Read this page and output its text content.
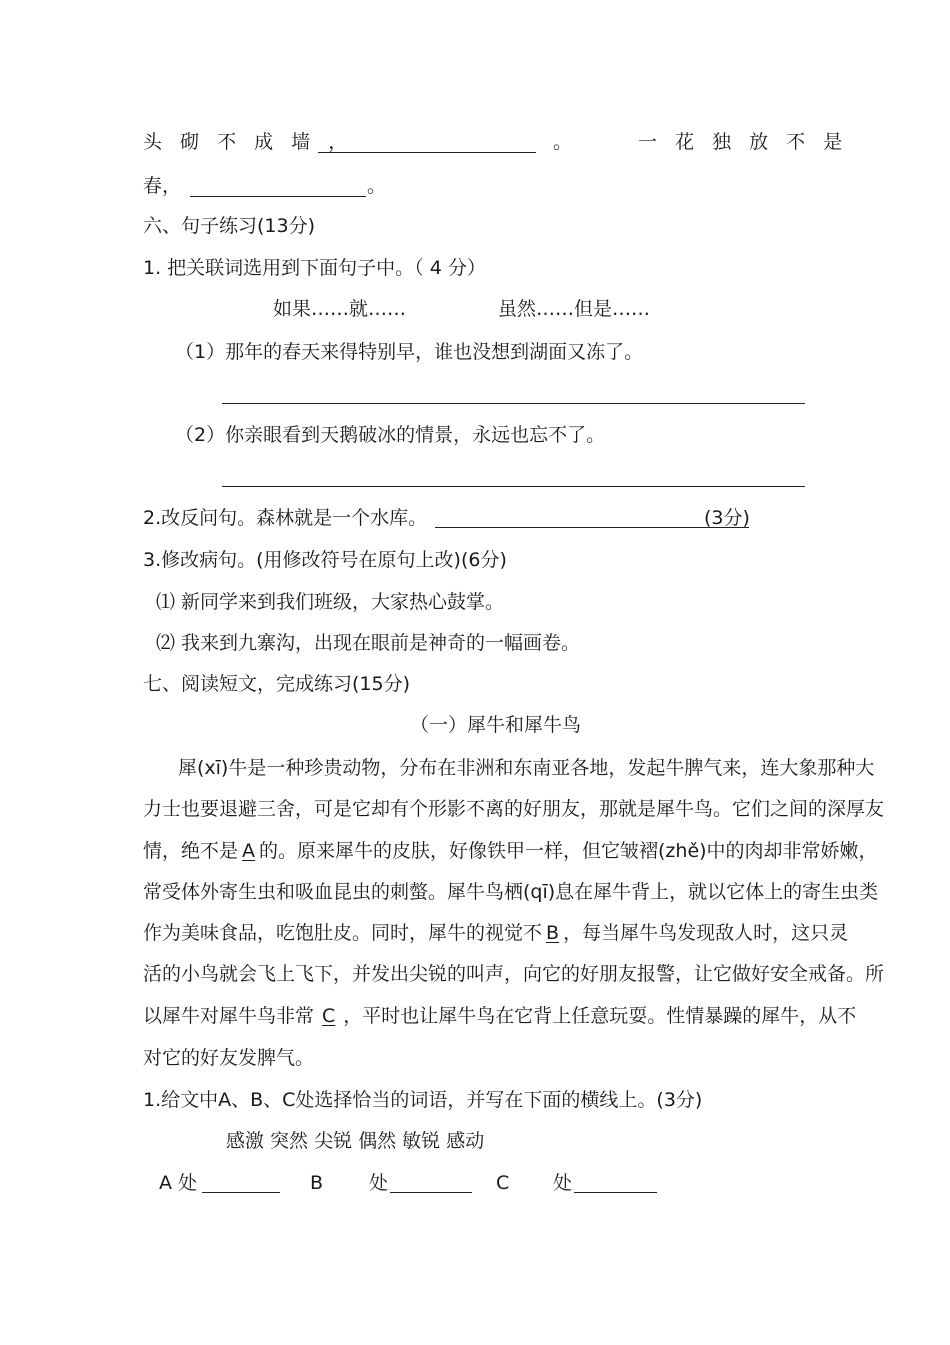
头 砌 不 成 墙 ，	。	一 花 独 放 不 是
春，	。
六、句子练习(13分)
1. 把关联词选用到下面句子中。（ 4 分）
如果……就……	虽然……但是……
（1）那年的春天来得特别早，谁也没想到湖面又冻了。
（2）你亲眼看到天鹅破冰的情景，永远也忘不了。
2.改反问句。森林就是一个水库。	(3分)
3.修改病句。(用修改符号在原句上改)(6分)
⑴ 新同学来到我们班级，大家热心鼓掌。
⑵ 我来到九寨沟，出现在眼前是神奇的一幅画卷。
七、阅读短文，完成练习(15分)
（一）犀牛和犀牛鸟
犀(xī)牛是一种珍贵动物，分布在非洲和东南亚各地，发起牛脾气来，连大象那种大
力士也要退避三舍，可是它却有个形影不离的好朋友，那就是犀牛鸟。它们之间的深厚友
情，绝不是 A 的。原来犀牛的皮肤，好像铁甲一样，但它皱褶(zhě)中的肉却非常娇嫩，
常受体外寄生虫和吸血昆虫的刺螫。犀牛鸟栖(qī)息在犀牛背上，就以它体上的寄生虫类
作为美味食品，吃饱肚皮。同时，犀牛的视觉不 B ，每当犀牛鸟发现敌人时，这只灵
活的小鸟就会飞上飞下，并发出尖锐的叫声，向它的好朋友报警，让它做好安全戒备。所
以犀牛对犀牛鸟非常 C ，平时也让犀牛鸟在它背上任意玩耍。性情暴躁的犀牛，从不
对它的好友发脾气。
1.给文中A、B、C处选择恰当的词语，并写在下面的横线上。(3分)
感激 突然 尖锐 偶然 敏锐 感动
A 处	B 处	C 处
